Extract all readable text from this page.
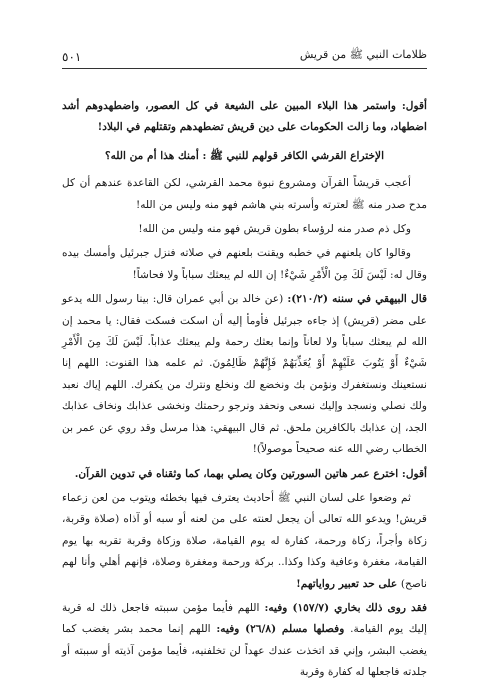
ظلامات النبي ﷺ من قريش
٥٠١

أقول: واستمر هذا البلاء المبين على الشيعة في كل العصور، واضطهدوهم أشد اضطهاد، وما زالت الحكومات على دين قريش تضطهدهم وتقتلهم في البلاد!

الإختراع القرشي الكافر قولهم للنبي ﷺ : أمنك هذا أم من الله؟

أعجب قريشاً القرآن ومشروع نبوة محمد القرشي، لكن القاعدة عندهم أن كل مدح صدر منه ﷺ لعترته وأسرته بني هاشم فهو منه وليس من الله!

وكل ذم صدر منه لرؤساء بطون قريش فهو منه وليس من الله!

وقالوا كان يلعنهم في خطبه ويقنت بلعنهم في صلاته فنزل جبرئيل وأمسك بيده وقال له: لَيْسَ لَكَ مِنَ الْأَمْرِ شَيْءٌ! إن الله لم يبعثك سباباً ولا فحاشاً!

قال البيهقي في سننه (٢١٠/٢): (عن خالد بن أبي عمران قال: بينا رسول الله يدعو على مضر (قريش) إذ جاءه جبرئيل فأومأ إليه أن اسكت فسكت فقال: يا محمد إن الله لم يبعثك سباباً ولا لعاناً وإنما بعثك رحمة ولم يبعثك عذاباً. لَيْسَ لَكَ مِنَ الْأَمْرِ شَيْءٌ أَوْ يَتُوبَ عَلَيْهِمْ أَوْ يُعَذِّبَهُمْ فَإِنَّهُمْ ظَالِمُونَ. ثم علمه هذا القنوت: اللهم إنا نستعينك ونستغفرك ونؤمن بك ونخضع لك ونخلع ونترك من يكفرك. اللهم إياك نعبد ولك نصلي ونسجد وإليك نسعى ونحفد ونرجو رحمتك ونخشى عذابك ونخاف عذابك الجد، إن عذابك بالكافرين ملحق. ثم قال البيهقي: هذا مرسل وقد روي عن عمر بن الخطاب رضي الله عنه صحيحاً موصولاً)!

أقول: اخترع عمر هاتين السورتين وكان يصلي بهما، كما وثقناه في تدوين القرآن.

ثم وضعوا على لسان النبي ﷺ أحاديث يعترف فيها بخطئه ويتوب من لعن زعماء قريش! ويدعو الله تعالى أن يجعل لعنته على من لعنه أو سبه أو آذاه (صلاة وقربة، زكاة وأجراً، زكاة ورحمة، كفارة له يوم القيامة، صلاة وزكاة وقربة تقربه بها يوم القيامة، مغفرة وعافية وكذا وكذا.. بركة ورحمة ومغفرة وصلاة، فإنهم أهلي وأنا لهم ناصح) على حد تعبير رواياتهم!

فقد روى ذلك بخاري (١٥٧/٧) وفيه: اللهم فأيما مؤمن سببته فاجعل ذلك له قربة إليك يوم القيامة. وفصلها مسلم (٢٦/٨) وفيه: اللهم إنما محمد بشر يغضب كما يغضب البشر، وإني قد اتخذت عندك عهداً لن تخلفنيه، فأيما مؤمن آذيته أو سببته أو جلدته فاجعلها له كفارة وقربة
